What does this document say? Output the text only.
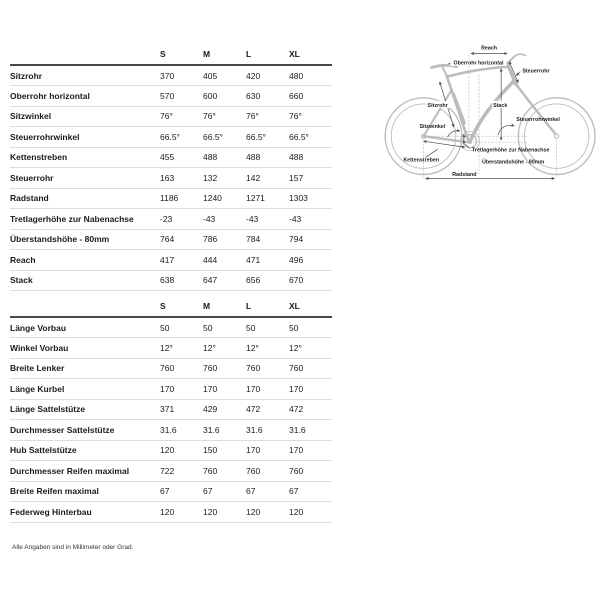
	S	M	L	XL
Sitzrohr	370	405	420	480
Oberrohr horizontal	570	600	630	660
Sitzwinkel	76°	76°	76°	76°
Steuerrohrwinkel	66.5°	66.5°	66.5°	66.5°
Kettenstreben	455	488	488	488
Steuerrohr	163	132	142	157
Radstand	1186	1240	1271	1303
Tretlagerhöhe zur Nabenachse	-23	-43	-43	-43
Überstandshöhe - 80mm	764	786	784	794
Reach	417	444	471	496
Stack	638	647	656	670
	S	M	L	XL
Länge Vorbau	50	50	50	50
Winkel Vorbau	12°	12°	12°	12°
Breite Lenker	760	760	760	760
Länge Kurbel	170	170	170	170
Länge Sattelstütze	371	429	472	472
Durchmesser Sattelstütze	31.6	31.6	31.6	31.6
Hub Sattelstütze	120	150	170	170
Durchmesser Reifen maximal	722	760	760	760
Breite Reifen maximal	67	67	67	67
Federweg Hinterbau	120	120	120	120
Reach
Oberrohr horizontal
Steuerrohr
Stack
Steuerrohrwinkel
Sitzrohr
Sitzwinkel
Kettenstreben
Tretlagerhöhe zur Nabenachse
Überstandshöhe - 80mm
Radstand
Alle Angaben sind in Millimeter oder Grad.
